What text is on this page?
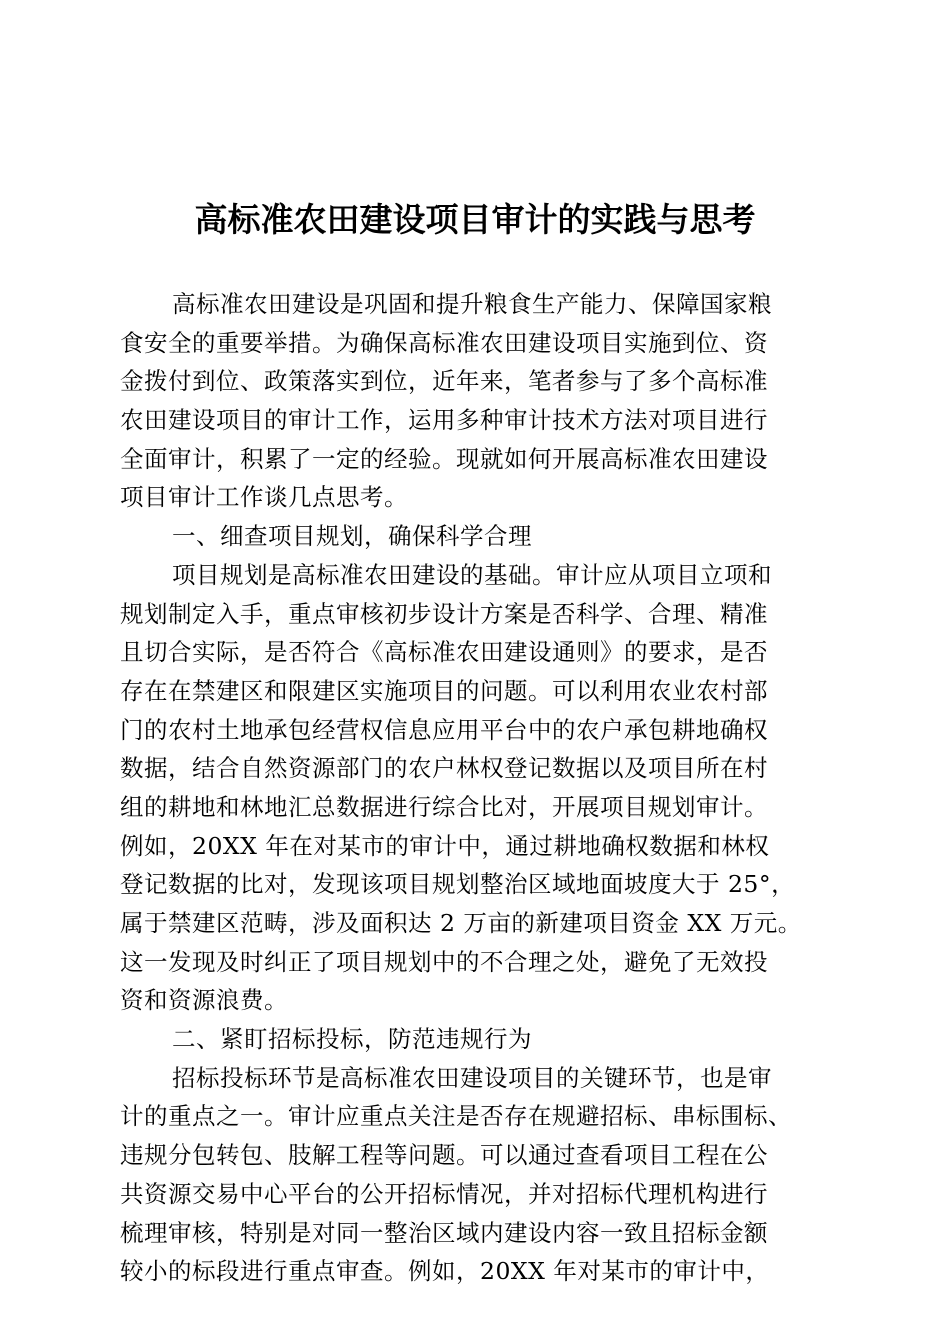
高标准农田建设项目审计的实践与思考
高标准农田建设是巩固和提升粮食生产能力、保障国家粮
食安全的重要举措。为确保高标准农田建设项目实施到位、资
金拨付到位、政策落实到位，近年来，笔者参与了多个高标准
农田建设项目的审计工作，运用多种审计技术方法对项目进行
全面审计，积累了一定的经验。现就如何开展高标准农田建设
项目审计工作谈几点思考。
一、细查项目规划，确保科学合理
项目规划是高标准农田建设的基础。审计应从项目立项和
规划制定入手，重点审核初步设计方案是否科学、合理、精准
且切合实际，是否符合《高标准农田建设通则》的要求，是否
存在在禁建区和限建区实施项目的问题。可以利用农业农村部
门的农村土地承包经营权信息应用平台中的农户承包耕地确权
数据，结合自然资源部门的农户林权登记数据以及项目所在村
组的耕地和林地汇总数据进行综合比对，开展项目规划审计。
例如，20XX 年在对某市的审计中，通过耕地确权数据和林权
登记数据的比对，发现该项目规划整治区域地面坡度大于 25°，
属于禁建区范畴，涉及面积达 2 万亩的新建项目资金 XX 万元。
这一发现及时纠正了项目规划中的不合理之处，避免了无效投
资和资源浪费。
二、紧盯招标投标，防范违规行为
招标投标环节是高标准农田建设项目的关键环节，也是审
计的重点之一。审计应重点关注是否存在规避招标、串标围标、
违规分包转包、肢解工程等问题。可以通过查看项目工程在公
共资源交易中心平台的公开招标情况，并对招标代理机构进行
梳理审核，特别是对同一整治区域内建设内容一致且招标金额
较小的标段进行重点审查。例如，20XX 年对某市的审计中，
